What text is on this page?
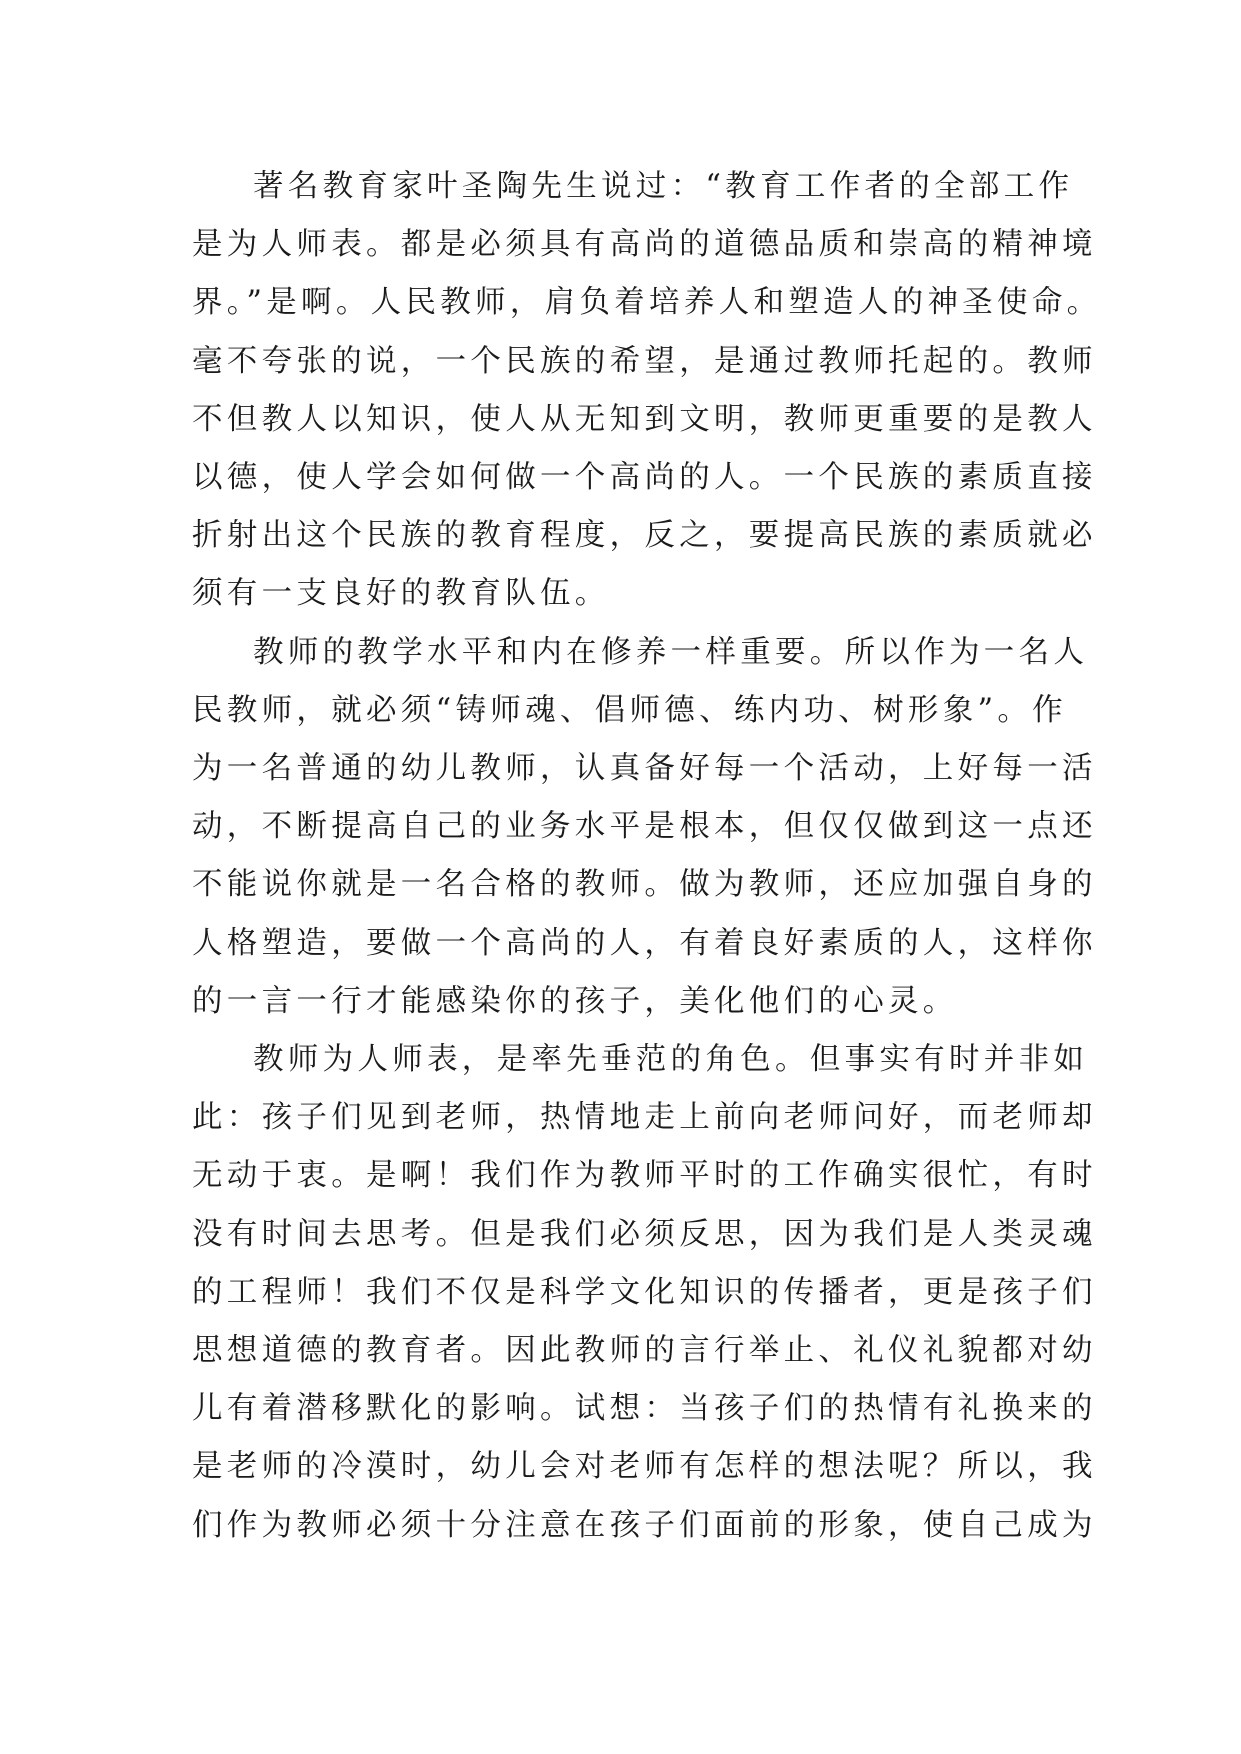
著名教育家叶圣陶先生说过：“教育工作者的全部工作
是为人师表。都是必须具有高尚的道德品质和崇高的精神境
界。”是啊。人民教师，肩负着培养人和塑造人的神圣使命。
毫不夸张的说，一个民族的希望，是通过教师托起的。教师
不但教人以知识，使人从无知到文明，教师更重要的是教人
以德，使人学会如何做一个高尚的人。一个民族的素质直接
折射出这个民族的教育程度，反之，要提高民族的素质就必
须有一支良好的教育队伍。

教师的教学水平和内在修养一样重要。所以作为一名人
民教师，就必须“铸师魂、倡师德、练内功、树形象”。作
为一名普通的幼儿教师，认真备好每一个活动，上好每一活
动，不断提高自己的业务水平是根本，但仅仅做到这一点还
不能说你就是一名合格的教师。做为教师，还应加强自身的
人格塑造，要做一个高尚的人，有着良好素质的人，这样你
的一言一行才能感染你的孩子，美化他们的心灵。

教师为人师表，是率先垂范的角色。但事实有时并非如
此：孩子们见到老师，热情地走上前向老师问好，而老师却
无动于衷。是啊！我们作为教师平时的工作确实很忙，有时
没有时间去思考。但是我们必须反思，因为我们是人类灵魂
的工程师！我们不仅是科学文化知识的传播者，更是孩子们
思想道德的教育者。因此教师的言行举止、礼仪礼貌都对幼
儿有着潜移默化的影响。试想：当孩子们的热情有礼换来的
是老师的冷漠时，幼儿会对老师有怎样的想法呢？所以，我
们作为教师必须十分注意在孩子们面前的形象，使自己成为
